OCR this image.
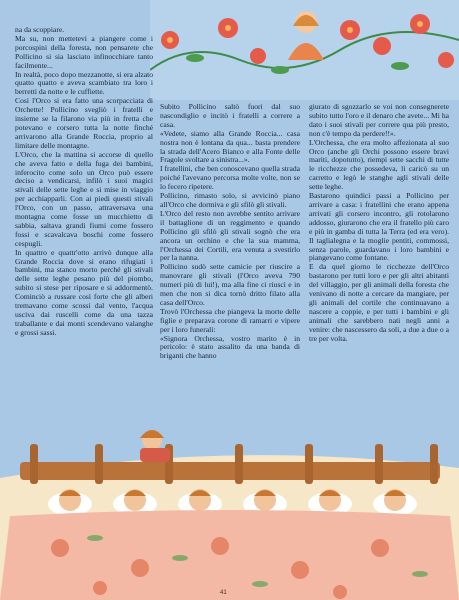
na da scoppiare.

Ma su, non mettetevi a piangere come i porcospini della foresta, non pensarete che Pollicino si sia lasciato infinocchiare tanto facilmente...

In realtà, poco dopo mezzanotte, si era alzato quatto quatto e aveva scambiato tra loro i berretti da notte e le cuffiette.

Così l'Orco si era fatto una scorpacciata di Orchette! Pollicino svegliò i fratelli e insieme se la filarono via più in fretta che potevano e corsero tutta la notte finché arrivarono alla Grande Roccia, proprio al limitare delle montagne.

L'Orco, che la mattina si accorse di quello che aveva fatto e della fuga dei bambini, inferocito come solo un Orco può essere deciso a vendicarsi, infilò i suoi magici stivali delle sette leghe e si mise in viaggio per acchiapparli. Con ai piedi questi stivali l'Orco, con un passo, attraversava una montagna come fosse un mucchietto di sabbia, saltava grandi fiumi come fossero fossi e scavalcava boschi come fossero cespugli.

In quattro e quattr'otto arrivò dunque alla Grande Roccia dove si erano rifugiati i bambini, ma stanco morto perché gli stivali delle sette leghe pesano più del piombo, subito si stese per riposare e si addormentò. Cominciò a russare così forte che gli alberi tremavano come scossi dal vento, l'acqua usciva dai ruscelli come da una tazza traballante e dai monti scendevano valanghe e grossi sassi.

Subito Pollicino saltò fuori dal suo nascondiglio e incitò i fratelli a correre a casa.

«Vedete, siamo alla Grande Roccia... casa nostra non è lontana da qua... basta prendere la strada dell'Acero Bianco e alla Fonte delle Fragole svoltare a sinistra...».

I fratellini, che ben conoscevano quella strada poiché l'avevano percorsa molte volte, non se lo fecero ripetere.

Pollicino, rimasto solo, si avvicinò piano all'Orco che dormiva e gli sfilò gli stivali.

L'Orco del resto non avrebbe sentito arrivare il battaglione di un reggimento e quando Pollicino gli sfilò gli stivali sognò che era ancora un orchino e che la sua mamma, l'Orchessa dei Cortili, era venuta a svestirlo per la nanna.

Pollicino sudò sette camicie per riuscire a manovrare gli stivali (l'Orco aveva 790 numeri più di lui!), ma alla fine ci riuscì e in men che non si dica tornò dritto filato alla casa dell'Orco.

Trovò l'Orchessa che piangeva la morte delle figlie e preparava corone di ramarri e vipere per i loro funerali:

«Signora Orchessa, vostro marito è in pericolo: è stato assalito da una banda di briganti che hanno

giurato di sgozzarlo se voi non consegnerete subito tutto l'oro e il denaro che avete... Mi ha dato i suoi stivali per correre qua più presto, non c'è tempo da perdere!!».

L'Orchessa, che era molto affezionata al suo Orco (anche gli Orchi possono essere bravi mariti, dopotutto), riempì sette sacchi di tutte le ricchezze che possedeva, li caricò su un carretto e legò le stanghe agli stivali delle sette leghe.

Bastarono quindici passi a Pollicino per arrivare a casa: i fratellini che erano appena arrivati gli corsero incontro, gli rotolarono addosso, giurarono che era il fratello più caro e più in gamba di tutta la Terra (ed era vero). Il taglialegna e la moglie pentiti, commossi, senza parole, guardavano i loro bambini e piangevano come fontane.

E da quel giorno le ricchezze dell'Orco bastarono per tutti loro e per gli altri abitanti del villaggio, per gli animali della foresta che venivano di notte a cercare da mangiare, per gli animali del cortile che continuavano a nascere a coppie, e per tutti i bambini e gli animali che sarebbero nati negli anni a venire: che nascessero da soli, a due a due o a tre per volta.

41
